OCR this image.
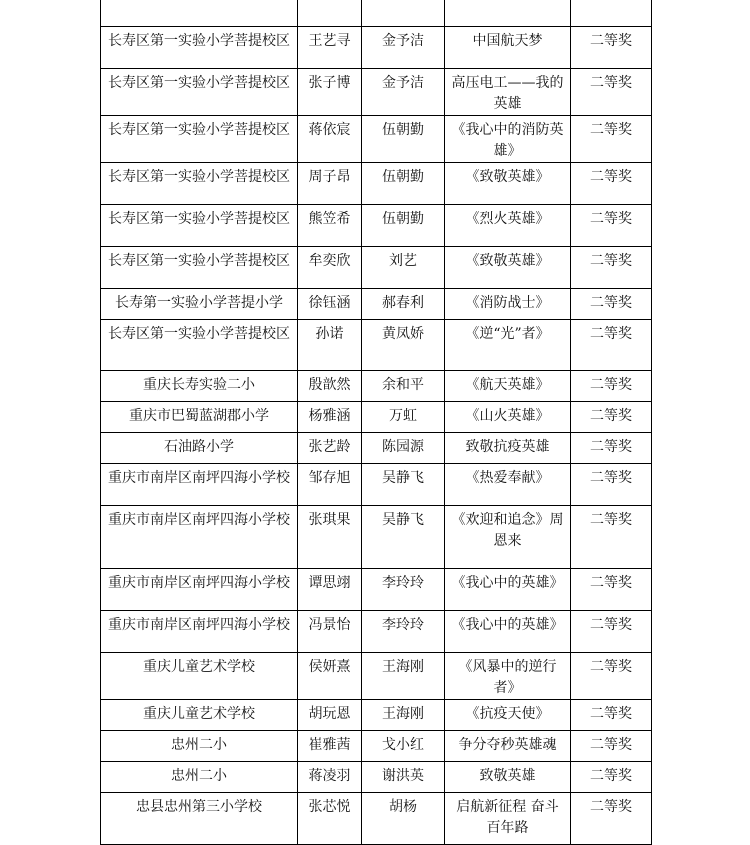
长寿区第一实验小学菩提校区	王艺寻	金予洁	中国航天梦	二等奖
长寿区第一实验小学菩提校区	张子博	金予洁	高压电工——我的英雄	二等奖
长寿区第一实验小学菩提校区	蒋依宸	伍朝勤	《我心中的消防英雄》	二等奖
长寿区第一实验小学菩提校区	周子昂	伍朝勤	《致敬英雄》	二等奖
长寿区第一实验小学菩提校区	熊笠希	伍朝勤	《烈火英雄》	二等奖
长寿区第一实验小学菩提校区	牟奕欣	刘艺	《致敬英雄》	二等奖
长寿第一实验小学菩提小学	徐钰涵	郝春利	《消防战士》	二等奖
长寿区第一实验小学菩提校区	孙诺	黄凤娇	《逆“光”者》	二等奖
重庆长寿实验二小	殷歆然	余和平	《航天英雄》	二等奖
重庆市巴蜀蓝湖郡小学	杨雅涵	万虹	《山火英雄》	二等奖
石油路小学	张艺龄	陈园源	致敬抗疫英雄	二等奖
重庆市南岸区南坪四海小学校	邹存旭	吴静飞	《热爱奉献》	二等奖
重庆市南岸区南坪四海小学校	张琪果	吴静飞	《欢迎和追念》周恩来	二等奖
重庆市南岸区南坪四海小学校	谭思翊	李玲玲	《我心中的英雄》	二等奖
重庆市南岸区南坪四海小学校	冯景怡	李玲玲	《我心中的英雄》	二等奖
重庆儿童艺术学校	侯妍熹	王海刚	《风暴中的逆行者》	二等奖
重庆儿童艺术学校	胡玩恩	王海刚	《抗疫天使》	二等奖
忠州二小	崔雅茜	戈小红	争分夺秒英雄魂	二等奖
忠州二小	蒋凌羽	谢洪英	致敬英雄	二等奖
忠县忠州第三小学校	张芯悦	胡杨	启航新征程 奋斗百年路	二等奖
